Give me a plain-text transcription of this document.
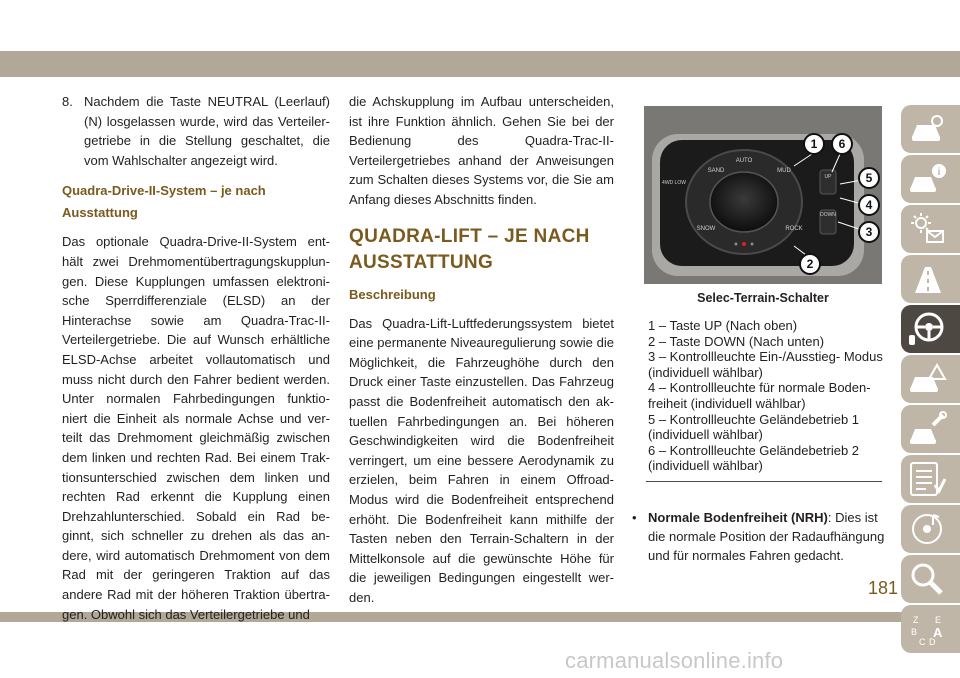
8. Nachdem die Taste NEUTRAL (Leerlauf) (N) losgelassen wurde, wird das Verteiler- getriebe in die Stellung geschaltet, die vom Wahlschalter angezeigt wird.
Quadra-Drive-II-System – je nach Ausstattung

Das optionale Quadra-Drive-II-System ent- hält zwei Drehmomentübertragungskupplun- gen. Diese Kupplungen umfassen elektroni- sche Sperrdifferenziale (ELSD) an der Hinterachse sowie am Quadra-Trac-II- Verteilergetriebe. Die auf Wunsch erhältliche ELSD-Achse arbeitet vollautomatisch und muss nicht durch den Fahrer bedient werden. Unter normalen Fahrbedingungen funktio- niert die Einheit als normale Achse und ver- teilt das Drehmoment gleichmäßig zwischen dem linken und rechten Rad. Bei einem Trak- tionsunterschied zwischen dem linken und rechten Rad erkennt die Kupplung einen Drehzahlunterschied. Sobald ein Rad be- ginnt, sich schneller zu drehen als das an- dere, wird automatisch Drehmoment von dem Rad mit der geringeren Traktion auf das andere Rad mit der höheren Traktion übertra- gen. Obwohl sich das Verteilergetriebe und

die Achskupplung im Aufbau unterscheiden, ist ihre Funktion ähnlich. Gehen Sie bei der Bedienung des Quadra-Trac-II- Verteilergetriebes anhand der Anweisungen zum Schalten dieses Systems vor, die Sie am Anfang dieses Abschnitts finden.

QUADRA-LIFT – JE NACH AUSSTATTUNG
Beschreibung

Das Quadra-Lift-Luftfederungssystem bietet eine permanente Niveauregulierung sowie die Möglichkeit, die Fahrzeughöhe durch den Druck einer Taste einzustellen. Das Fahrzeug passt die Bodenfreiheit automatisch den ak- tuellen Fahrbedingungen an. Bei höheren Geschwindigkeiten wird die Bodenfreiheit verringert, um eine bessere Aerodynamik zu erzielen, beim Fahren in einem Offroad- Modus wird die Bodenfreiheit entsprechend erhöht. Die Bodenfreiheit kann mithilfe der Tasten neben den Terrain-Schaltern in der Mittelkonsole auf die gewünschte Höhe für die jeweiligen Bedingungen eingestellt wer- den.

AUTO
SAND	MUD
4WD LOW
SNOW	ROCK
UP
DOWN
1 6
5
4
3
2
Selec-Terrain-Schalter
1 – Taste UP (Nach oben)
2 – Taste DOWN (Nach unten)
3 – Kontrollleuchte Ein-/Ausstieg- Modus (individuell wählbar)
4 – Kontrollleuchte für normale Boden- freiheit (individuell wählbar)
5 – Kontrollleuchte Geländebetrieb 1 (individuell wählbar)
6 – Kontrollleuchte Geländebetrieb 2 (individuell wählbar)
• Normale Bodenfreiheit (NRH): Dies ist die normale Position der Radaufhängung und für normales Fahren gedacht.
i
Z E
B A
C D
181
carmanualsonline.info
